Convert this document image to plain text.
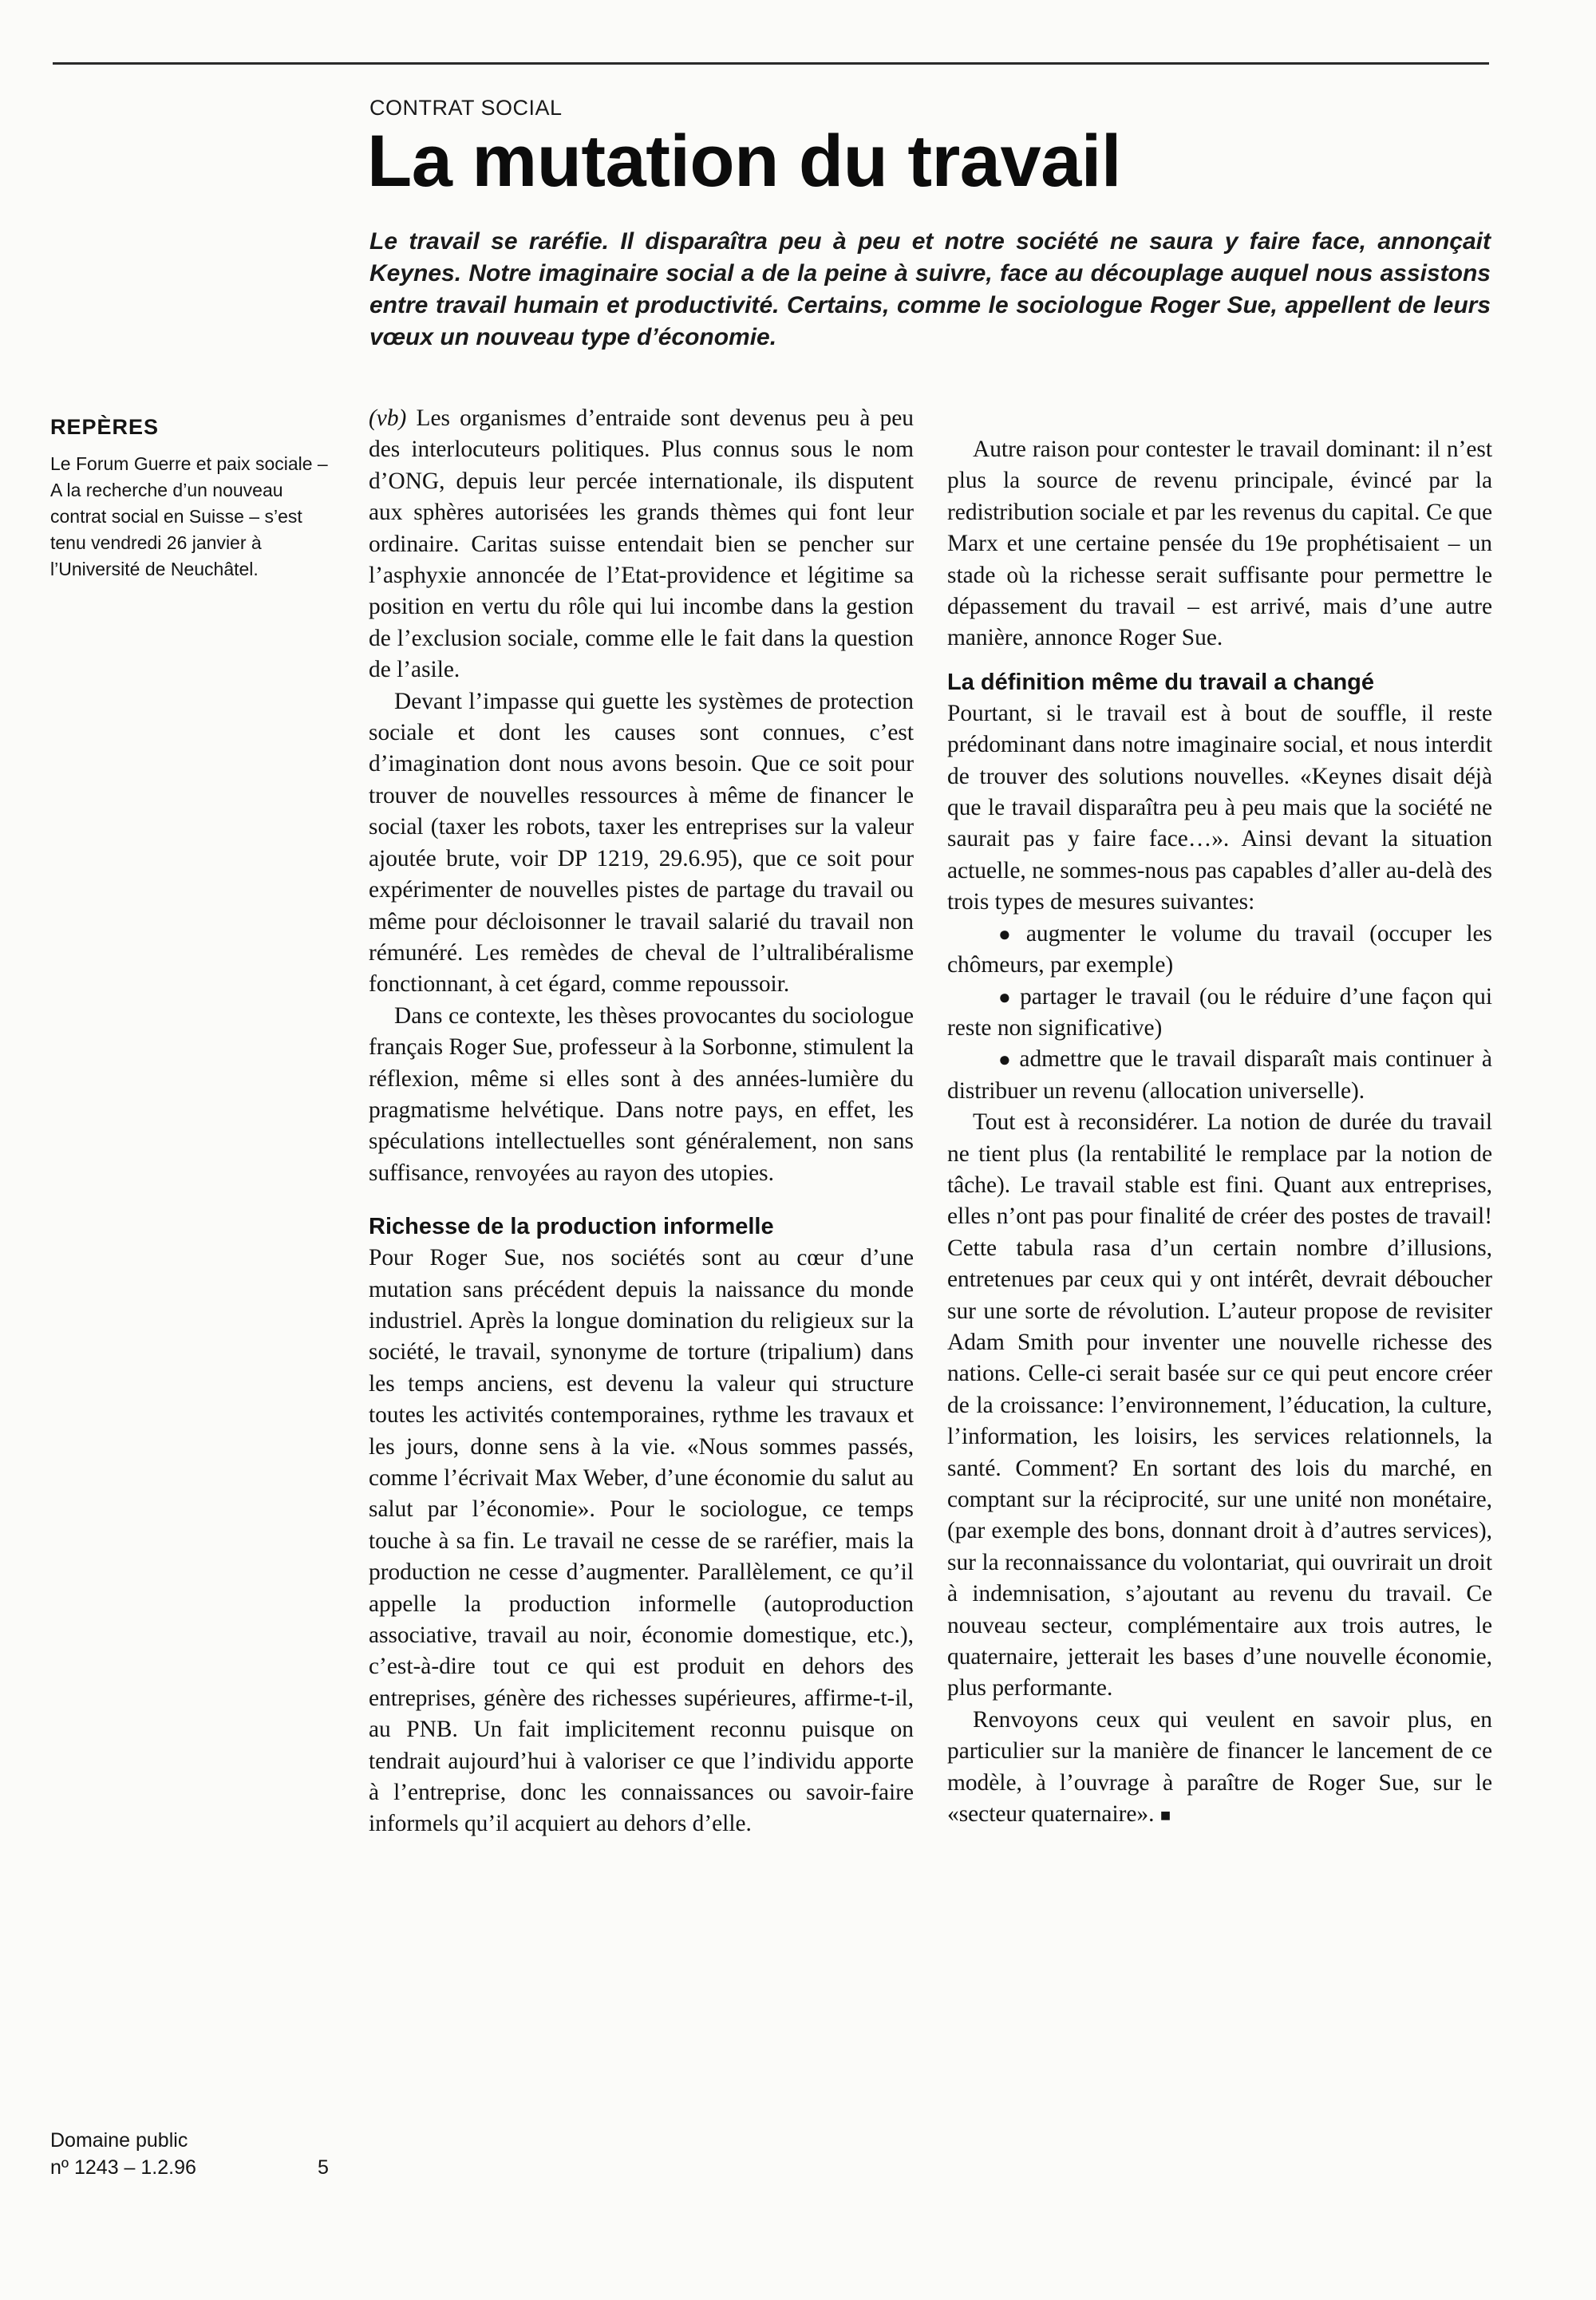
CONTRAT SOCIAL
La mutation du travail

Le travail se raréfie. Il disparaîtra peu à peu et notre société ne saura y faire face, annonçait Keynes. Notre imaginaire social a de la peine à suivre, face au découplage auquel nous assistons entre travail humain et productivité. Certains, comme le sociologue Roger Sue, appellent de leurs vœux un nouveau type d’économie.

REPÈRES

Le Forum Guerre et paix sociale – A la recherche d’un nouveau contrat social en Suisse – s’est tenu vendredi 26 janvier à l’Université de Neuchâtel.

Domaine public
nº 1243 – 1.2.96	5

(vb) Les organismes d’entraide sont devenus peu à peu des interlocuteurs politiques. Plus connus sous le nom d’ONG, depuis leur percée internationale, ils disputent aux sphères autorisées les grands thèmes qui font leur ordinaire. Caritas suisse entendait bien se pencher sur l’asphyxie annoncée de l’Etat-providence et légitime sa position en vertu du rôle qui lui incombe dans la gestion de l’exclusion sociale, comme elle le fait dans la question de l’asile.

Devant l’impasse qui guette les systèmes de protection sociale et dont les causes sont connues, c’est d’imagination dont nous avons besoin. Que ce soit pour trouver de nouvelles ressources à même de financer le social (taxer les robots, taxer les entreprises sur la valeur ajoutée brute, voir DP 1219, 29.6.95), que ce soit pour expérimenter de nouvelles pistes de partage du travail ou même pour décloisonner le travail salarié du travail non rémunéré. Les remèdes de cheval de l’ultralibéralisme fonctionnant, à cet égard, comme repoussoir.

Dans ce contexte, les thèses provocantes du sociologue français Roger Sue, professeur à la Sorbonne, stimulent la réflexion, même si elles sont à des années-lumière du pragmatisme helvétique. Dans notre pays, en effet, les spéculations intellectuelles sont généralement, non sans suffisance, renvoyées au rayon des utopies.

Richesse de la production informelle

Pour Roger Sue, nos sociétés sont au cœur d’une mutation sans précédent depuis la naissance du monde industriel. Après la longue domination du religieux sur la société, le travail, synonyme de torture (tripalium) dans les temps anciens, est devenu la valeur qui structure toutes les activités contemporaines, rythme les travaux et les jours, donne sens à la vie. «Nous sommes passés, comme l’écrivait Max Weber, d’une économie du salut au salut par l’économie». Pour le sociologue, ce temps touche à sa fin. Le travail ne cesse de se raréfier, mais la production ne cesse d’augmenter. Parallèlement, ce qu’il appelle la production informelle (autoproduction associative, travail au noir, économie domestique, etc.), c’est-à-dire tout ce qui est produit en dehors des entreprises, génère des richesses supérieures, affirme-t-il, au PNB. Un fait implicitement reconnu puisque on tendrait aujourd’hui à valoriser ce que l’individu apporte à l’entreprise, donc les connaissances ou savoir-faire informels qu’il acquiert au dehors d’elle.

Autre raison pour contester le travail dominant: il n’est plus la source de revenu principale, évincé par la redistribution sociale et par les revenus du capital. Ce que Marx et une certaine pensée du 19e prophétisaient – un stade où la richesse serait suffisante pour permettre le dépassement du travail – est arrivé, mais d’une autre manière, annonce Roger Sue.

La définition même du travail a changé

Pourtant, si le travail est à bout de souffle, il reste prédominant dans notre imaginaire social, et nous interdit de trouver des solutions nouvelles. «Keynes disait déjà que le travail disparaîtra peu à peu mais que la société ne saurait pas y faire face…». Ainsi devant la situation actuelle, ne sommes-nous pas capables d’aller au-delà des trois types de mesures suivantes:

● augmenter le volume du travail (occuper les chômeurs, par exemple)

● partager le travail (ou le réduire d’une façon qui reste non significative)

● admettre que le travail disparaît mais continuer à distribuer un revenu (allocation universelle).

Tout est à reconsidérer. La notion de durée du travail ne tient plus (la rentabilité le remplace par la notion de tâche). Le travail stable est fini. Quant aux entreprises, elles n’ont pas pour finalité de créer des postes de travail! Cette tabula rasa d’un certain nombre d’illusions, entretenues par ceux qui y ont intérêt, devrait déboucher sur une sorte de révolution. L’auteur propose de revisiter Adam Smith pour inventer une nouvelle richesse des nations. Celle-ci serait basée sur ce qui peut encore créer de la croissance: l’environnement, l’éducation, la culture, l’information, les loisirs, les services relationnels, la santé. Comment? En sortant des lois du marché, en comptant sur la réciprocité, sur une unité non monétaire, (par exemple des bons, donnant droit à d’autres services), sur la reconnaissance du volontariat, qui ouvrirait un droit à indemnisation, s’ajoutant au revenu du travail. Ce nouveau secteur, complémentaire aux trois autres, le quaternaire, jetterait les bases d’une nouvelle économie, plus performante.

Renvoyons ceux qui veulent en savoir plus, en particulier sur la manière de financer le lancement de ce modèle, à l’ouvrage à paraître de Roger Sue, sur le «secteur quaternaire». ■
